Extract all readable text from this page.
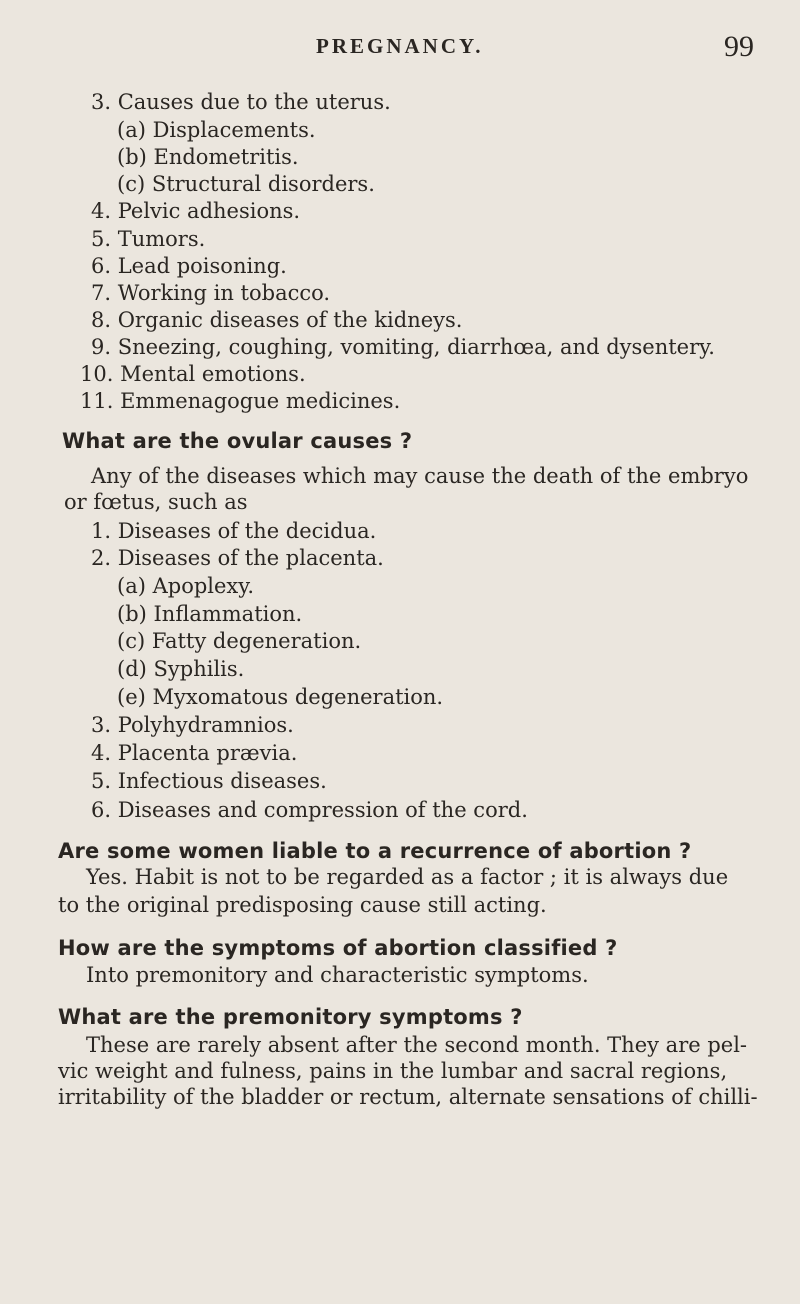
PREGNANCY.	99
3. Causes due to the uterus.
(a) Displacements.
(b) Endometritis.
(c) Structural disorders.
4. Pelvic adhesions.
5. Tumors.
6. Lead poisoning.
7. Working in tobacco.
8. Organic diseases of the kidneys.
9. Sneezing, coughing, vomiting, diarrhœa, and dysentery.
10. Mental emotions.
11. Emmenagogue medicines.
What are the ovular causes ?
Any of the diseases which may cause the death of the embryo
or fœtus, such as
1. Diseases of the decidua.
2. Diseases of the placenta.
(a) Apoplexy.
(b) Inflammation.
(c) Fatty degeneration.
(d) Syphilis.
(e) Myxomatous degeneration.
3. Polyhydramnios.
4. Placenta prævia.
5. Infectious diseases.
6. Diseases and compression of the cord.
Are some women liable to a recurrence of abortion ?
Yes. Habit is not to be regarded as a factor ; it is always due
to the original predisposing cause still acting.
How are the symptoms of abortion classified ?
Into premonitory and characteristic symptoms.
What are the premonitory symptoms ?
These are rarely absent after the second month. They are pel-
vic weight and fulness, pains in the lumbar and sacral regions,
irritability of the bladder or rectum, alternate sensations of chilli-
